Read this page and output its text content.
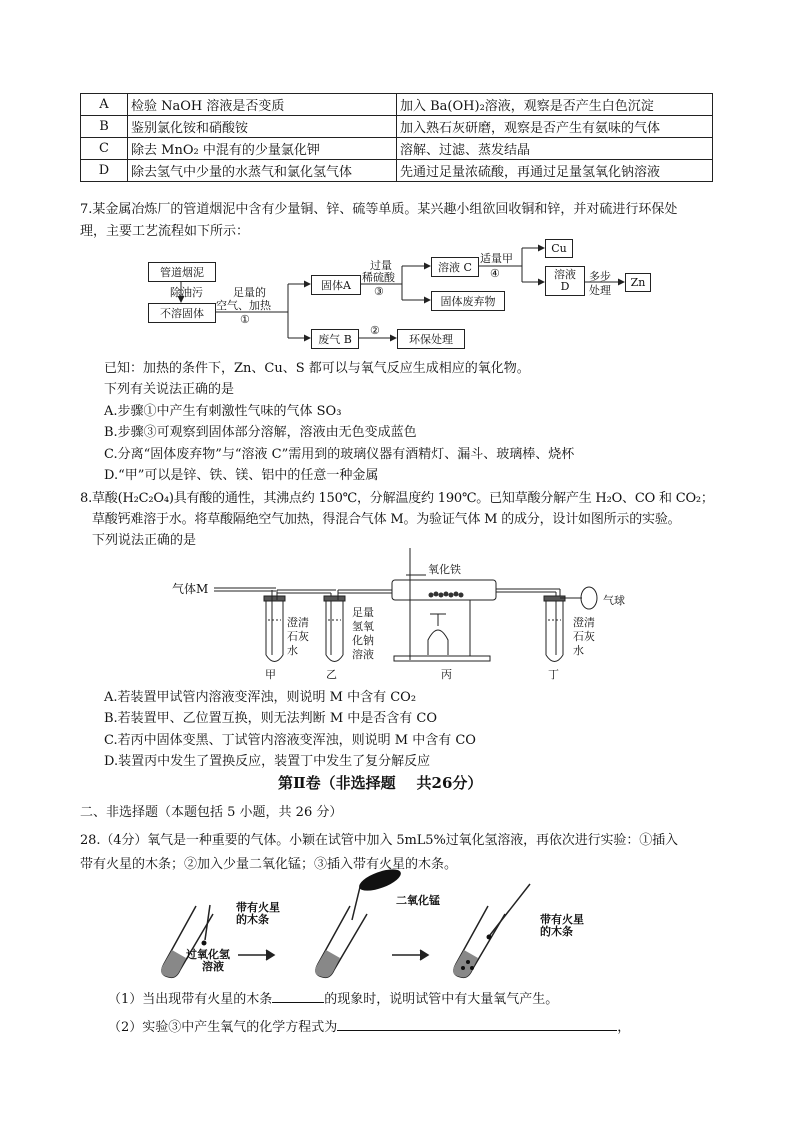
A	检验 NaOH 溶液是否变质	加入 Ba(OH)₂溶液，观察是否产生白色沉淀
B	鉴别氯化铵和硝酸铵	加入熟石灰研磨，观察是否产生有氨味的气体
C	除去 MnO₂ 中混有的少量氯化钾	溶解、过滤、蒸发结晶
D	除去氢气中少量的水蒸气和氯化氢气体	先通过足量浓硫酸，再通过足量氢氧化钠溶液
7.某金属冶炼厂的管道烟泥中含有少量铜、锌、硫等单质。某兴趣小组欲回收铜和锌，并对硫进行环保处
理，主要工艺流程如下所示：
管道烟泥
除油污
不溶固体
足量的
空气、加热
①
固体A
过量
稀硫酸
③
溶液 C
固体废弃物
适量甲
④
Cu
溶液
D
多步
处理
Zn
废气 B
②
环保处理
已知：加热的条件下，Zn、Cu、S 都可以与氧气反应生成相应的氧化物。
下列有关说法正确的是
A.步骤①中产生有刺激性气味的气体 SO₃
B.步骤③可观察到固体部分溶解，溶液由无色变成蓝色
C.分离“固体废弃物”与“溶液 C”需用到的玻璃仪器有酒精灯、漏斗、玻璃棒、烧杯
D.“甲”可以是锌、铁、镁、铝中的任意一种金属
8.草酸(H₂C₂O₄)具有酸的通性，其沸点约 150℃，分解温度约 190℃。已知草酸分解产生 H₂O、CO 和 CO₂；
草酸钙难溶于水。将草酸隔绝空气加热，得混合气体 M。为验证气体 M 的成分，设计如图所示的实验。
下列说法正确的是
气体M
氧化铁
气球
澄清石灰水
足量氢氧化钠溶液
澄清石灰水
甲	乙	丙	丁
A.若装置甲试管内溶液变浑浊，则说明 M 中含有 CO₂
B.若装置甲、乙位置互换，则无法判断 M 中是否含有 CO
C.若丙中固体变黑、丁试管内溶液变浑浊，则说明 M 中含有 CO
D.装置丙中发生了置换反应，装置丁中发生了复分解反应
第Ⅱ卷（非选择题    共26分）
二、非选择题（本题包括 5 小题，共 26 分）
28.（4分）氧气是一种重要的气体。小颖在试管中加入 5mL5%过氧化氢溶液，再依次进行实验：①插入
带有火星的木条；②加入少量二氧化锰；③插入带有火星的木条。
带有火星
的木条
过氧化氢
溶液
二氧化锰
带有火星
的木条
（1）当出现带有火星的木条	的现象时，说明试管中有大量氧气产生。
（2）实验③中产生氧气的化学方程式为	，
